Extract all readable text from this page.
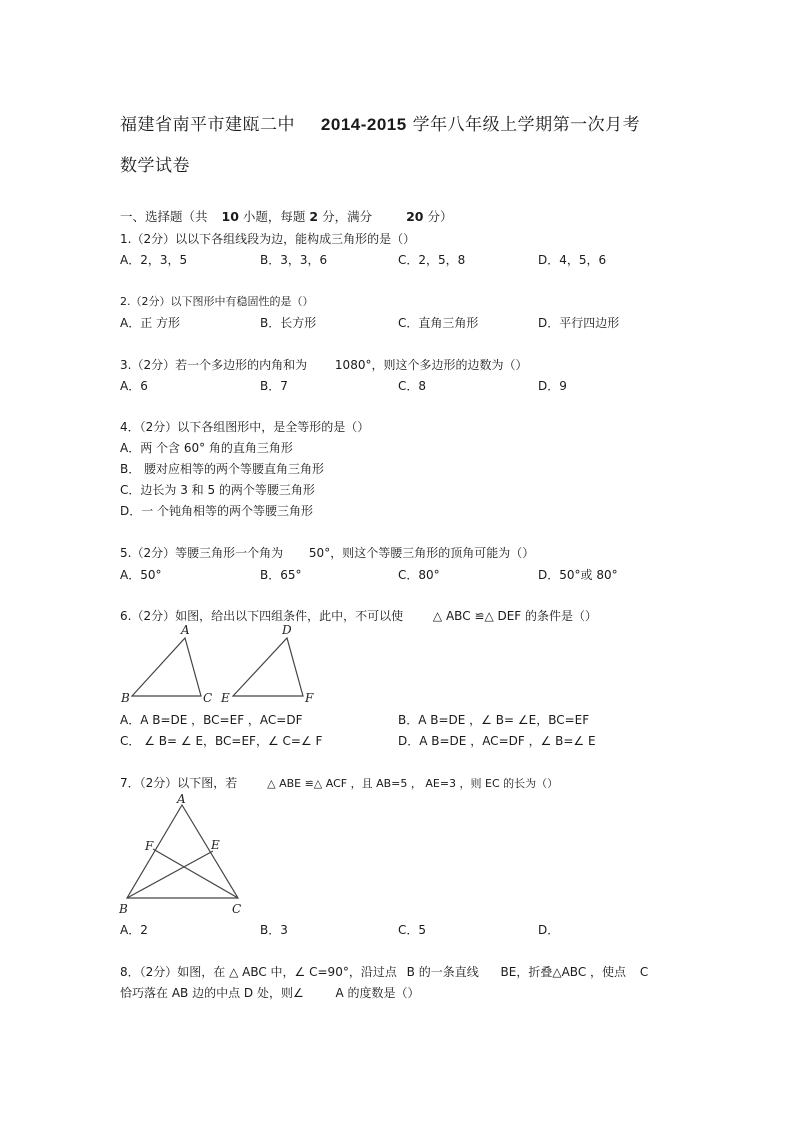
福建省南平市建瓯二中 2014-2015 学年八年级上学期第一次月考
数学试卷
一、选择题（共 10 小题，每题 2 分，满分	20 分）
1.（2分）以以下各组线段为边，能构成三角形的是（）
A．2，3，5	B．3，3，6	C．2，5，8	D．4，5，6
2.（2分）以下图形中有稳固性的是（）
A．正 方形	B．长方形	C．直角三角形	D．平行四边形
3.（2分）若一个多边形的内角和为 1080°，则这个多边形的边数为（）
A．6	B．7	C．8	D．9
4．（2分）以下各组图形中，是全等形的是（）
A．两 个含 60° 角的直角三角形
B． 腰对应相等的两个等腰直角三角形
C．边长为 3 和 5 的两个等腰三角形
D．一 个钝角相等的两个等腰三角形
5.（2分）等腰三角形一个角为 50°，则这个等腰三角形的顶角可能为（）
A．50°	B．65°	C．80°	D．50°或 80°
6.（2分）如图，给出以下四组条件，此中，不可以使 △ ABC ≌△ DEF 的条件是（）
A
B	C
D
E	F
A．A B=DE ，BC=EF ，AC=DF	B．A B=DE ，∠ B= ∠E，BC=EF
C． ∠ B= ∠ E，BC=EF，∠ C=∠ F	D．A B=DE ，AC=DF ，∠ B=∠ E
7．（2分）以下图，若	△ ABE ≌△ ACF ，且 AB=5 ， AE=3 ，则 EC 的长为（）
A
F	E
B	C
A．2	B．3	C．5	D．
8．（2分）如图，在 △ ABC 中，∠ C=90°，沿过点 B 的一条直线 BE，折叠△ABC ，使点 C
恰巧落在 AB 边的中点 D 处，则∠	A 的度数是（）
